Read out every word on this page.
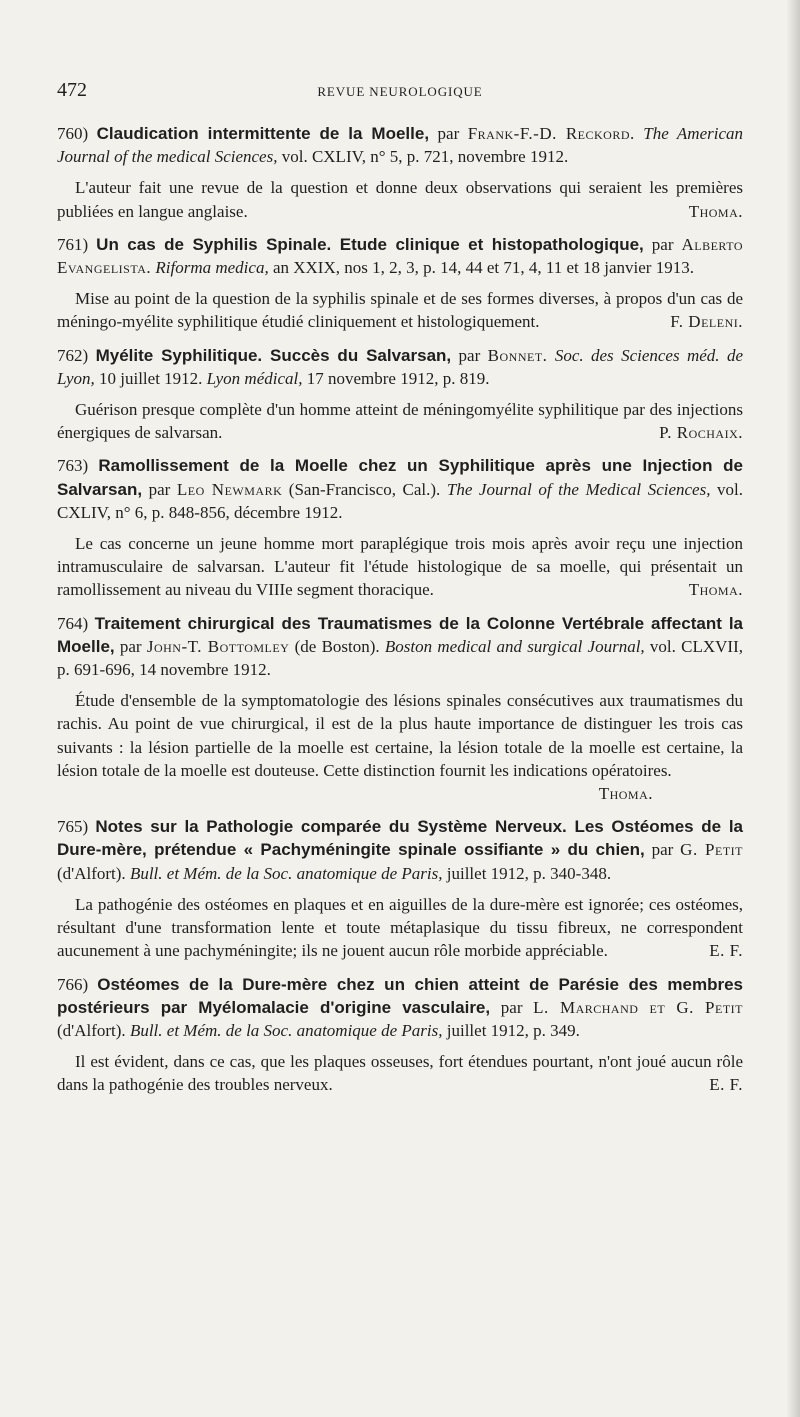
472	REVUE NEUROLOGIQUE

760) Claudication intermittente de la Moelle, par Frank-F.-D. Reckord. The American Journal of the medical Sciences, vol. CXLIV, n° 5, p. 721, novembre 1912.

L'auteur fait une revue de la question et donne deux observations qui seraient les premières publiées en langue anglaise.	Thoma.

761) Un cas de Syphilis Spinale. Etude clinique et histopathologique, par Alberto Evangelista. Riforma medica, an XXIX, nos 1, 2, 3, p. 14, 44 et 71, 4, 11 et 18 janvier 1913.

Mise au point de la question de la syphilis spinale et de ses formes diverses, à propos d'un cas de méningo-myélite syphilitique étudié cliniquement et histologiquement.	F. Deleni.

762) Myélite Syphilitique. Succès du Salvarsan, par Bonnet. Soc. des Sciences méd. de Lyon, 10 juillet 1912. Lyon médical, 17 novembre 1912, p. 819.

Guérison presque complète d'un homme atteint de méningomyélite syphilitique par des injections énergiques de salvarsan.	P. Rochaix.

763) Ramollissement de la Moelle chez un Syphilitique après une Injection de Salvarsan, par Leo Newmark (San-Francisco, Cal.). The Journal of the Medical Sciences, vol. CXLIV, n° 6, p. 848-856, décembre 1912.

Le cas concerne un jeune homme mort paraplégique trois mois après avoir reçu une injection intramusculaire de salvarsan. L'auteur fit l'étude histologique de sa moelle, qui présentait un ramollissement au niveau du VIIIe segment thoracique.	Thoma.

764) Traitement chirurgical des Traumatismes de la Colonne Vertébrale affectant la Moelle, par John-T. Bottomley (de Boston). Boston medical and surgical Journal, vol. CLXVII, p. 691-696, 14 novembre 1912.

Étude d'ensemble de la symptomatologie des lésions spinales consécutives aux traumatismes du rachis. Au point de vue chirurgical, il est de la plus haute importance de distinguer les trois cas suivants : la lésion partielle de la moelle est certaine, la lésion totale de la moelle est certaine, la lésion totale de la moelle est douteuse. Cette distinction fournit les indications opératoires.

Thoma.

765) Notes sur la Pathologie comparée du Système Nerveux. Les Ostéomes de la Dure-mère, prétendue « Pachyméningite spinale ossifiante » du chien, par G. Petit (d'Alfort). Bull. et Mém. de la Soc. anatomique de Paris, juillet 1912, p. 340-348.

La pathogénie des ostéomes en plaques et en aiguilles de la dure-mère est ignorée; ces ostéomes, résultant d'une transformation lente et toute métaplasique du tissu fibreux, ne correspondent aucunement à une pachyméningite; ils ne jouent aucun rôle morbide appréciable.	E. F.

766) Ostéomes de la Dure-mère chez un chien atteint de Parésie des membres postérieurs par Myélomalacie d'origine vasculaire, par L. Marchand et G. Petit (d'Alfort). Bull. et Mém. de la Soc. anatomique de Paris, juillet 1912, p. 349.

Il est évident, dans ce cas, que les plaques osseuses, fort étendues pourtant, n'ont joué aucun rôle dans la pathogénie des troubles nerveux.	E. F.
